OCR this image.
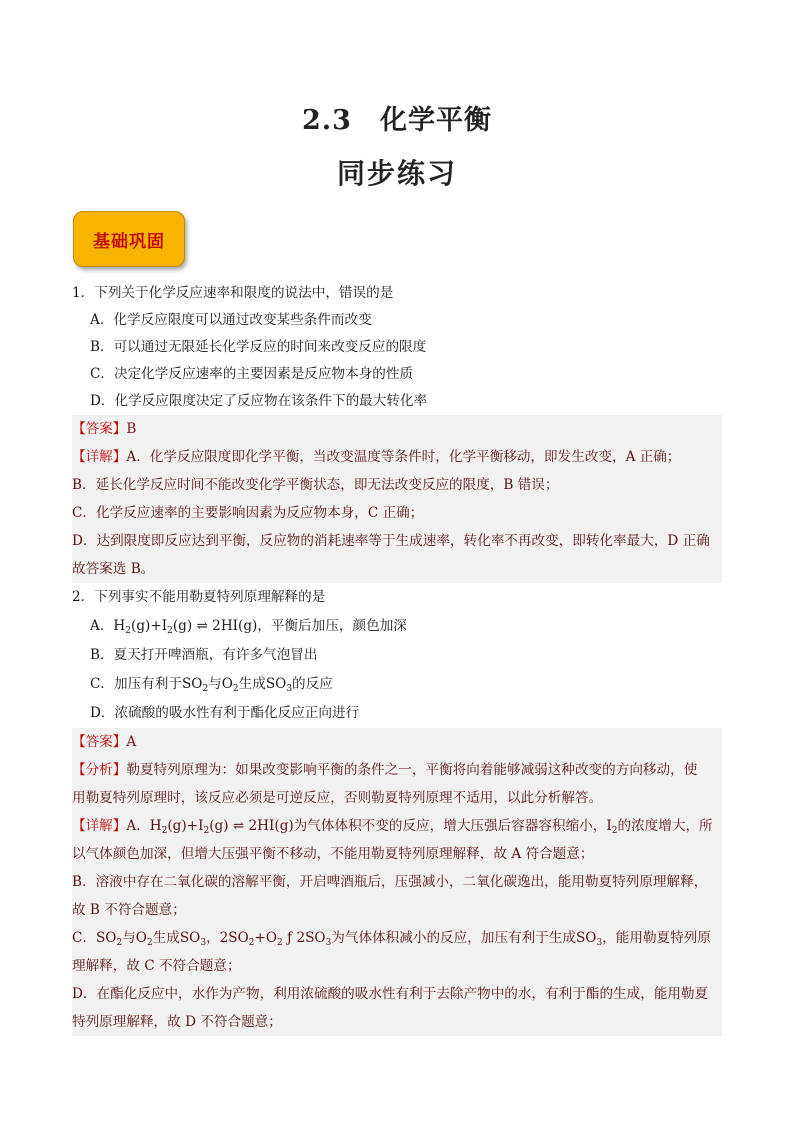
2.3 化学平衡
同步练习
基础巩固
1．下列关于化学反应速率和限度的说法中，错误的是
A．化学反应限度可以通过改变某些条件而改变
B．可以通过无限延长化学反应的时间来改变反应的限度
C．决定化学反应速率的主要因素是反应物本身的性质
D．化学反应限度决定了反应物在该条件下的最大转化率
【答案】B
【详解】A．化学反应限度即化学平衡，当改变温度等条件时，化学平衡移动，即发生改变，A 正确；
B．延长化学反应时间不能改变化学平衡状态，即无法改变反应的限度，B 错误；
C．化学反应速率的主要影响因素为反应物本身，C 正确；
D．达到限度即反应达到平衡，反应物的消耗速率等于生成速率，转化率不再改变，即转化率最大，D 正确
故答案选 B。
2．下列事实不能用勒夏特列原理解释的是
A．$H_2(g)+I_2(g)$ ⇌ 2HI(g)，平衡后加压，颜色加深
B．夏天打开啤酒瓶，有许多气泡冒出
C．加压有利于$SO_2$与$O_2$生成$SO_3$的反应
D．浓硫酸的吸水性有利于酯化反应正向进行
【答案】A
【分析】勒夏特列原理为：如果改变影响平衡的条件之一，平衡将向着能够减弱这种改变的方向移动，使
用勒夏特列原理时，该反应必须是可逆反应，否则勒夏特列原理不适用，以此分析解答。
【详解】A．$H_2(g)+I_2(g)$ ⇌ 2HI(g)为气体体积不变的反应，增大压强后容器容积缩小，$I_2$的浓度增大，所
以气体颜色加深，但增大压强平衡不移动，不能用勒夏特列原理解释，故 A 符合题意；
B．溶液中存在二氧化碳的溶解平衡，开启啤酒瓶后，压强减小，二氧化碳逸出，能用勒夏特列原理解释，
故 B 不符合题意；
C．$SO_2$与$O_2$生成$SO_3$，$2SO_2+O_2$ ƒ $2SO_3$为气体体积减小的反应，加压有利于生成$SO_3$，能用勒夏特列原
理解释，故 C 不符合题意；
D．在酯化反应中，水作为产物，利用浓硫酸的吸水性有利于去除产物中的水，有利于酯的生成，能用勒夏
特列原理解释，故 D 不符合题意；
